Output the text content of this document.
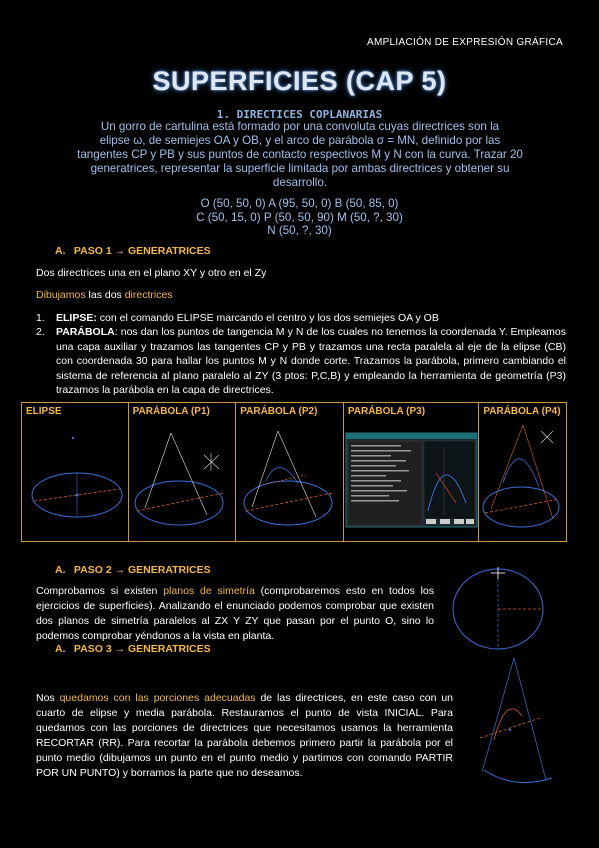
AMPLIACIÓN DE EXPRESIÓN GRÁFICA
SUPERFICIES (CAP 5)
1. DIRECTICES COPLANARIAS
Un gorro de cartulina está formado por una convoluta cuyas directrices son la
elipse ω, de semiejes OA y OB, y el arco de parábola σ = MN, definido por las
tangentes CP y PB y sus puntos de contacto respectivos M y N con la curva. Trazar 20
generatrices, representar la superficie limitada por ambas directrices y obtener su
desarrollo.
O (50, 50, 0) A (95, 50, 0) B (50, 85, 0)
C (50, 15, 0) P (50, 50, 90) M (50, ?, 30)
N (50, ?, 30)
A. PASO 1 → GENERATRICES
Dos directrices una en el plano XY y otro en el Zy
Dibujamos las dos directrices
1. ELIPSE: con el comando ELIPSE marcando el centro y los dos semiejes OA y OB
2. PARÁBOLA: nos dan los puntos de tangencia M y N de los cuales no tenemos la coordenada Y. Empleamos una capa auxiliar y trazamos las tangentes CP y PB y trazamos una recta paralela al eje de la elipse (CB) con coordenada 30 para hallar los puntos M y N donde corte. Trazamos la parábola, primero cambiando el sistema de referencia al plano paralelo al ZY (3 ptos: P,C,B) y empleando la herramienta de geometría (P3) trazamos la parábola en la capa de directrices.
ELIPSE	PARÁBOLA (P1)	PARÁBOLA (P2)	PARÁBOLA (P3)	PARÁBOLA (P4)
A. PASO 2 → GENERATRICES
Comprobamos si existen planos de simetría (comprobaremos esto en todos los ejercicios de superficies). Analizando el enunciado podemos comprobar que existen dos planos de simetría paralelos al ZX Y ZY que pasan por el punto O, sino lo podemos comprobar yéndonos a la vista en planta.
A. PASO 3 → GENERATRICES
Nos quedamos con las porciones adecuadas de las directrices, en este caso con un cuarto de elipse y media parábola. Restauramos el punto de vista INICIAL. Para quedamos con las porciones de directrices que necesitamos usamos la herramienta RECORTAR (RR). Para recortar la parábola debemos primero partir la parábola por el punto medio (dibujamos un punto en el punto medio y partimos con comando PARTIR POR UN PUNTO) y borramos la parte que no deseamos.
